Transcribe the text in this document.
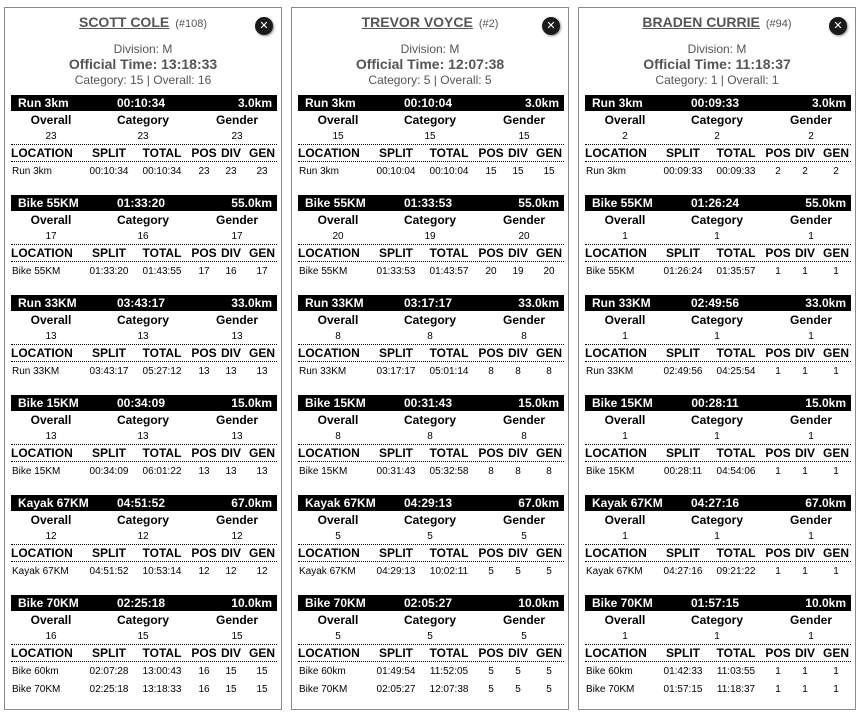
✕
SCOTT COLE (#108)
Division: M
Official Time: 13:18:33
Category: 15 | Overall: 16
Run 3km	00:10:34	3.0km
Overall	Category	Gender
23	23	23
LOCATION	SPLIT	TOTAL POS DIV GEN
Run 3km	00:10:34	00:10:34	23	23	23
Bike 55KM	01:33:20	55.0km
Overall	Category	Gender
17	16	17
LOCATION	SPLIT	TOTAL POS DIV GEN
Bike 55KM	01:33:20	01:43:55	17	16	17
Run 33KM	03:43:17	33.0km
Overall	Category	Gender
13	13	13
LOCATION	SPLIT	TOTAL POS DIV GEN
Run 33KM	03:43:17	05:27:12	13	13	13
Bike 15KM	00:34:09	15.0km
Overall	Category	Gender
13	13	13
LOCATION	SPLIT	TOTAL POS DIV GEN
Bike 15KM	00:34:09	06:01:22	13	13	13
Kayak 67KM	04:51:52	67.0km
Overall	Category	Gender
12	12	12
LOCATION	SPLIT	TOTAL POS DIV GEN
Kayak 67KM	04:51:52	10:53:14	12	12	12
Bike 70KM	02:25:18	10.0km
Overall	Category	Gender
16	15	15
LOCATION	SPLIT	TOTAL POS DIV GEN
Bike 60km	02:07:28	13:00:43	16	15	15
Bike 70KM	02:25:18	13:18:33	16	15	15
✕
TREVOR VOYCE (#2)
Division: M
Official Time: 12:07:38
Category: 5 | Overall: 5
Run 3km	00:10:04	3.0km
Overall	Category	Gender
15	15	15
LOCATION	SPLIT	TOTAL POS DIV GEN
Run 3km	00:10:04	00:10:04	15	15	15
Bike 55KM	01:33:53	55.0km
Overall	Category	Gender
20	19	20
LOCATION	SPLIT	TOTAL POS DIV GEN
Bike 55KM	01:33:53	01:43:57	20	19	20
Run 33KM	03:17:17	33.0km
Overall	Category	Gender
8	8	8
LOCATION	SPLIT	TOTAL POS DIV GEN
Run 33KM	03:17:17	05:01:14	8	8	8
Bike 15KM	00:31:43	15.0km
Overall	Category	Gender
8	8	8
LOCATION	SPLIT	TOTAL POS DIV GEN
Bike 15KM	00:31:43	05:32:58	8	8	8
Kayak 67KM	04:29:13	67.0km
Overall	Category	Gender
5	5	5
LOCATION	SPLIT	TOTAL POS DIV GEN
Kayak 67KM	04:29:13	10:02:11	5	5	5
Bike 70KM	02:05:27	10.0km
Overall	Category	Gender
5	5	5
LOCATION	SPLIT	TOTAL POS DIV GEN
Bike 60km	01:49:54	11:52:05	5	5	5
Bike 70KM	02:05:27	12:07:38	5	5	5
✕
BRADEN CURRIE (#94)
Division: M
Official Time: 11:18:37
Category: 1 | Overall: 1
Run 3km	00:09:33	3.0km
Overall	Category	Gender
2	2	2
LOCATION	SPLIT	TOTAL POS DIV GEN
Run 3km	00:09:33	00:09:33	2	2	2
Bike 55KM	01:26:24	55.0km
Overall	Category	Gender
1	1	1
LOCATION	SPLIT	TOTAL POS DIV GEN
Bike 55KM	01:26:24	01:35:57	1	1	1
Run 33KM	02:49:56	33.0km
Overall	Category	Gender
1	1	1
LOCATION	SPLIT	TOTAL POS DIV GEN
Run 33KM	02:49:56	04:25:54	1	1	1
Bike 15KM	00:28:11	15.0km
Overall	Category	Gender
1	1	1
LOCATION	SPLIT	TOTAL POS DIV GEN
Bike 15KM	00:28:11	04:54:06	1	1	1
Kayak 67KM	04:27:16	67.0km
Overall	Category	Gender
1	1	1
LOCATION	SPLIT	TOTAL POS DIV GEN
Kayak 67KM	04:27:16	09:21:22	1	1	1
Bike 70KM	01:57:15	10.0km
Overall	Category	Gender
1	1	1
LOCATION	SPLIT	TOTAL POS DIV GEN
Bike 60km	01:42:33	11:03:55	1	1	1
Bike 70KM	01:57:15	11:18:37	1	1	1
